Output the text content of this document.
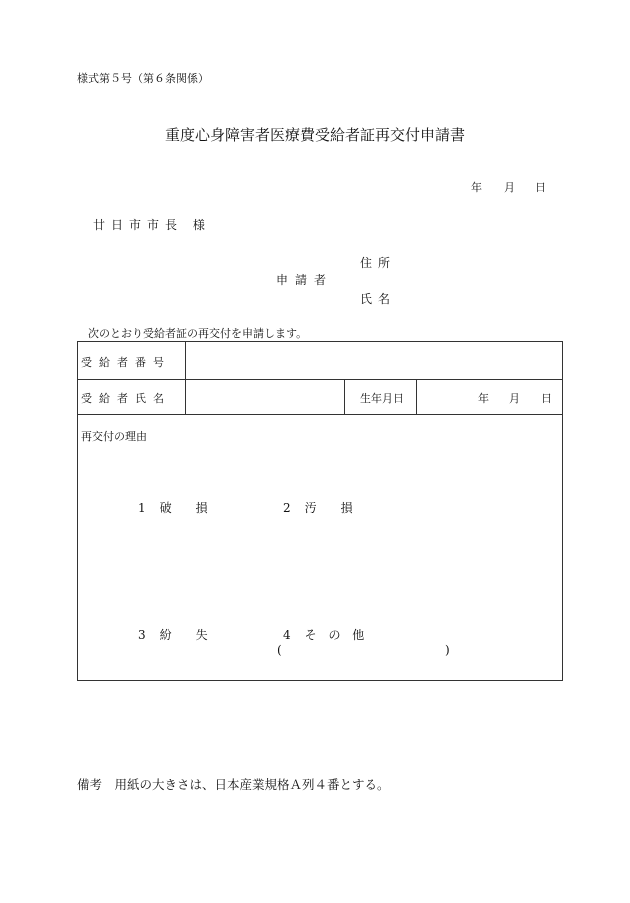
様式第５号（第６条関係）
重度心身障害者医療費受給者証再交付申請書
年 月 日
廿日市市長 様
住所
申請者
氏名
次のとおり受給者証の再交付を申請します。
受給者番号
受給者氏名	生年月日	年 月 日
再交付の理由
1 破　　損	2 汚　　損
3 紛　　失	4 そ の 他
(	)
備考　用紙の大きさは、日本産業規格Ａ列４番とする。
